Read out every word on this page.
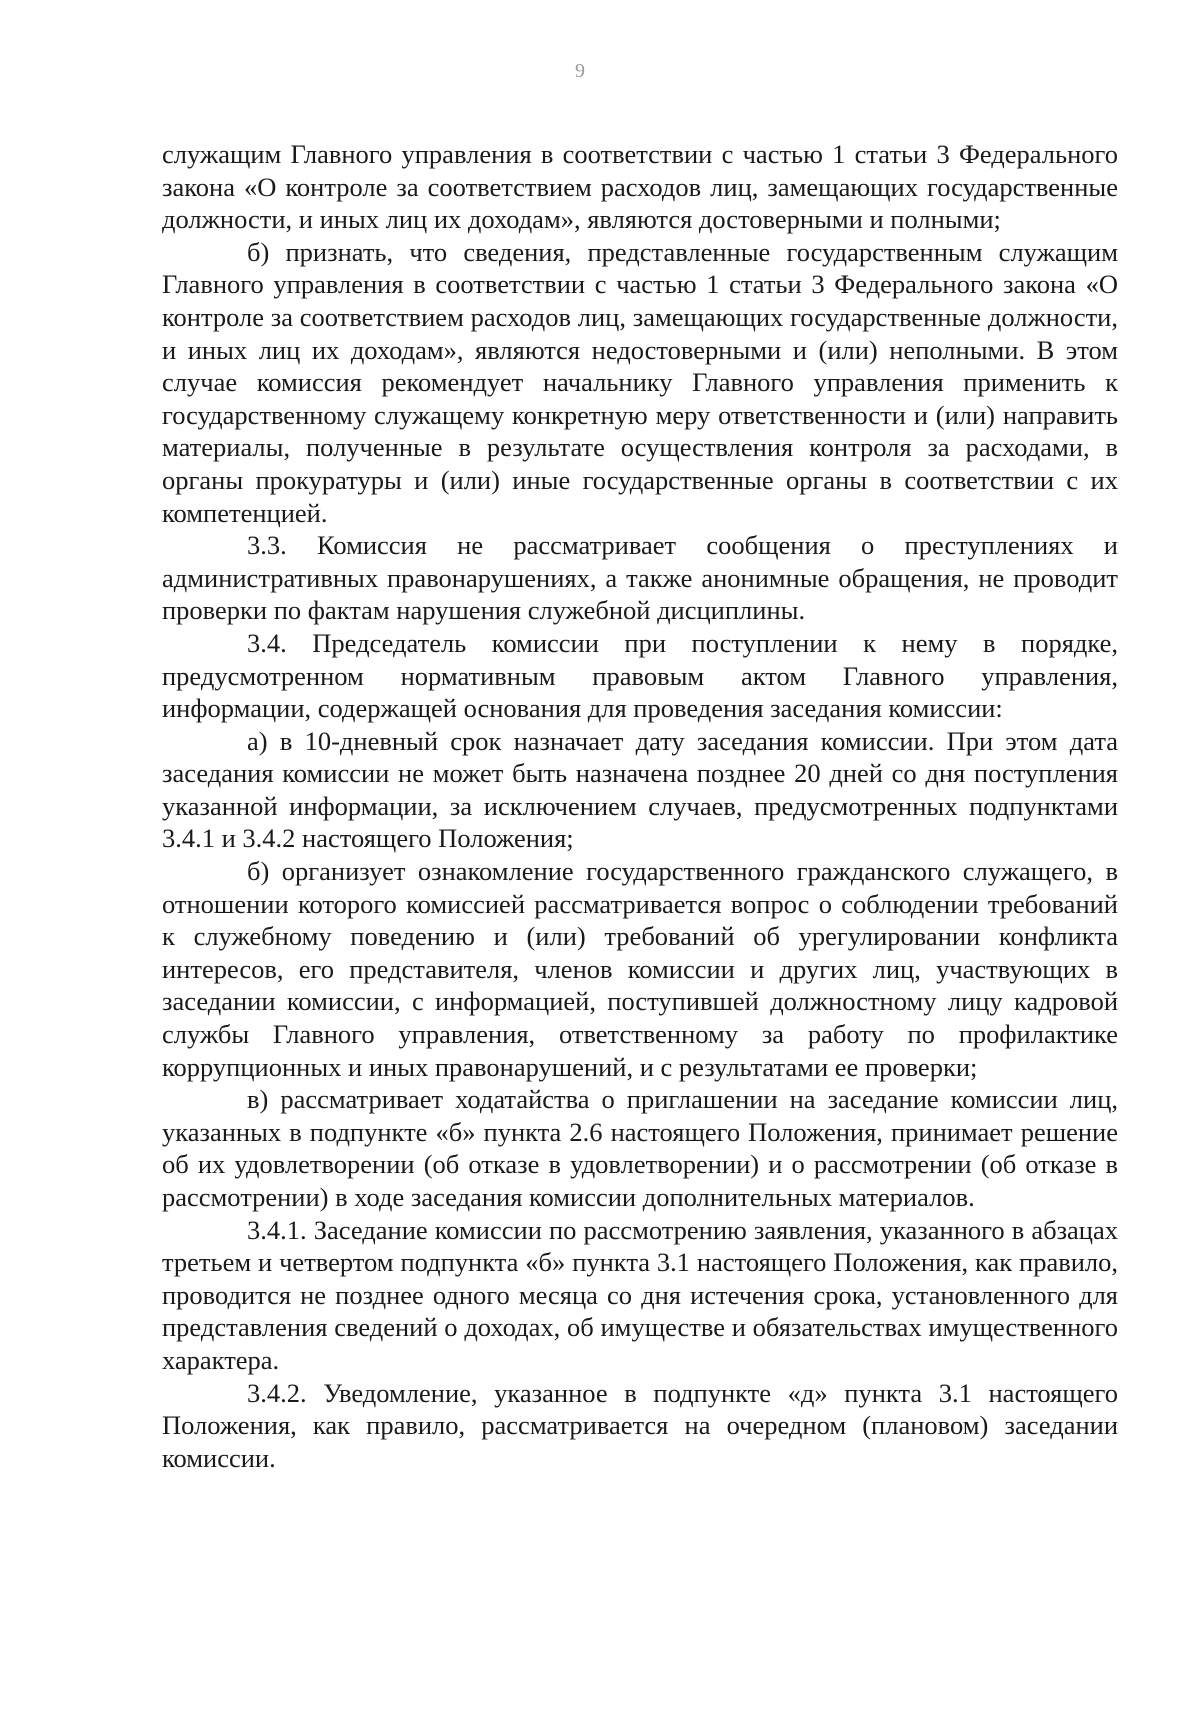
9

служащим Главного управления в соответствии с частью 1 статьи 3 Федерального закона «О контроле за соответствием расходов лиц, замещающих государственные должности, и иных лиц их доходам», являются достоверными и полными;

б) признать, что сведения, представленные государственным служащим Главного управления в соответствии с частью 1 статьи 3 Федерального закона «О контроле за соответствием расходов лиц, замещающих государственные должности, и иных лиц их доходам», являются недостоверными и (или) неполными. В этом случае комиссия рекомендует начальнику Главного управления применить к государственному служащему конкретную меру ответственности и (или) направить материалы, полученные в результате осуществления контроля за расходами, в органы прокуратуры и (или) иные государственные органы в соответствии с их компетенцией.

3.3. Комиссия не рассматривает сообщения о преступлениях и административных правонарушениях, а также анонимные обращения, не проводит проверки по фактам нарушения служебной дисциплины.

3.4. Председатель комиссии при поступлении к нему в порядке, предусмотренном нормативным правовым актом Главного управления, информации, содержащей основания для проведения заседания комиссии:

а) в 10-дневный срок назначает дату заседания комиссии. При этом дата заседания комиссии не может быть назначена позднее 20 дней со дня поступления указанной информации, за исключением случаев, предусмотренных подпунктами 3.4.1 и 3.4.2 настоящего Положения;

б) организует ознакомление государственного гражданского служащего, в отношении которого комиссией рассматривается вопрос о соблюдении требований к служебному поведению и (или) требований об урегулировании конфликта интересов, его представителя, членов комиссии и других лиц, участвующих в заседании комиссии, с информацией, поступившей должностному лицу кадровой службы Главного управления, ответственному за работу по профилактике коррупционных и иных правонарушений, и с результатами ее проверки;

в) рассматривает ходатайства о приглашении на заседание комиссии лиц, указанных в подпункте «б» пункта 2.6 настоящего Положения, принимает решение об их удовлетворении (об отказе в удовлетворении) и о рассмотрении (об отказе в рассмотрении) в ходе заседания комиссии дополнительных материалов.

3.4.1. Заседание комиссии по рассмотрению заявления, указанного в абзацах третьем и четвертом подпункта «б» пункта 3.1 настоящего Положения, как правило, проводится не позднее одного месяца со дня истечения срока, установленного для представления сведений о доходах, об имуществе и обязательствах имущественного характера.

3.4.2. Уведомление, указанное в подпункте «д» пункта 3.1 настоящего Положения, как правило, рассматривается на очередном (плановом) заседании комиссии.
